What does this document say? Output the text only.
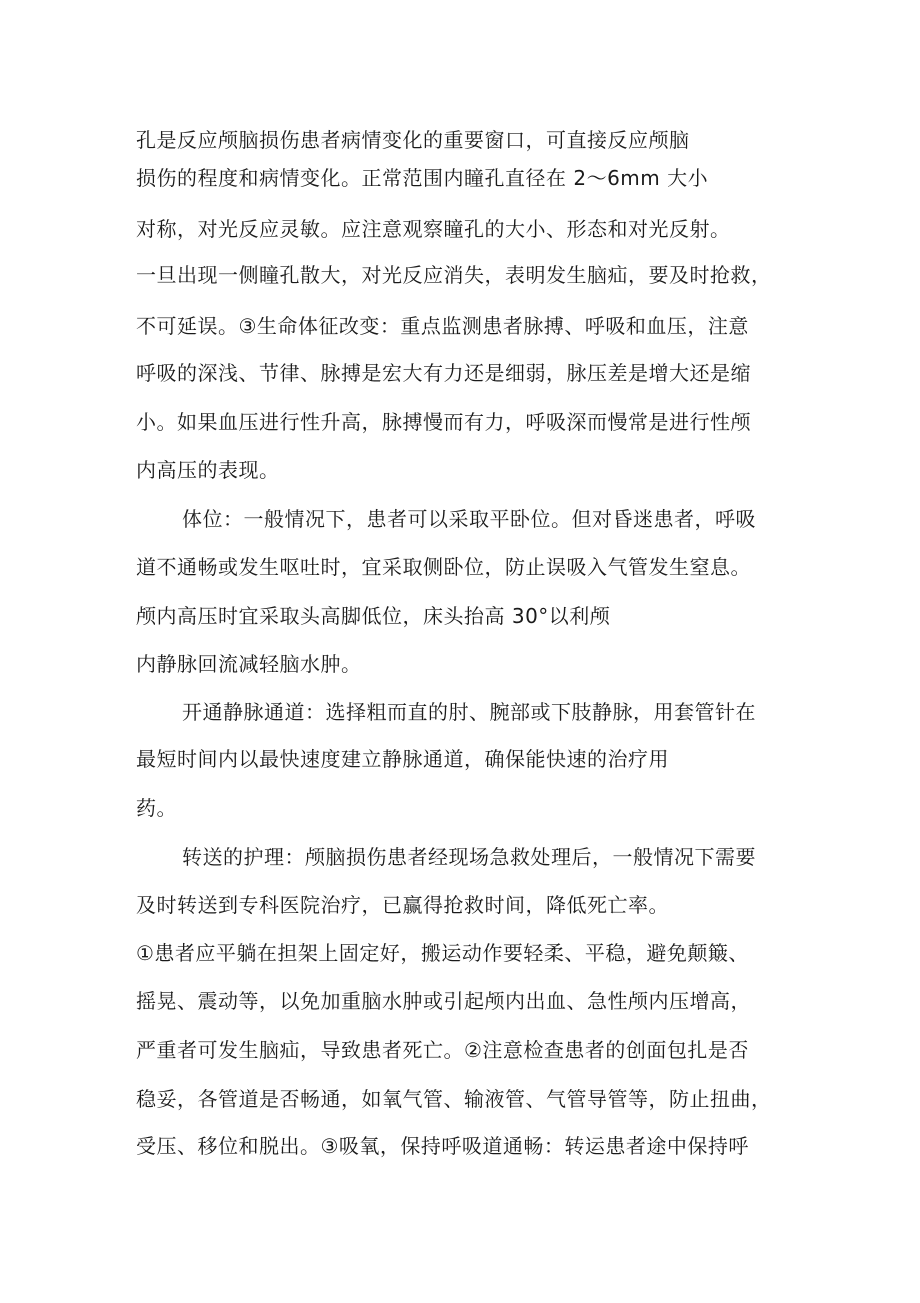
孔是反应颅脑损伤患者病情变化的重要窗口，可直接反应颅脑
损伤的程度和病情变化。正常范围内瞳孔直径在 2〜6mm 大小
对称，对光反应灵敏。应注意观察瞳孔的大小、形态和对光反射。
一旦出现一侧瞳孔散大，对光反应消失，表明发生脑疝，要及时抢救，
不可延误。③生命体征改变：重点监测患者脉搏、呼吸和血压，注意
呼吸的深浅、节律、脉搏是宏大有力还是细弱，脉压差是增大还是缩
小。如果血压进行性升高，脉搏慢而有力，呼吸深而慢常是进行性颅
内高压的表现。
体位：一般情况下，患者可以采取平卧位。但对昏迷患者，呼吸
道不通畅或发生呕吐时，宜采取侧卧位，防止误吸入气管发生窒息。
颅内高压时宜采取头高脚低位，床头抬高 30°以利颅
内静脉回流减轻脑水肿。
开通静脉通道：选择粗而直的肘、腕部或下肢静脉，用套管针在
最短时间内以最快速度建立静脉通道，确保能快速的治疗用
药。
转送的护理：颅脑损伤患者经现场急救处理后，一般情况下需要
及时转送到专科医院治疗，已赢得抢救时间，降低死亡率。
①患者应平躺在担架上固定好，搬运动作要轻柔、平稳，避免颠簸、
摇晃、震动等，以免加重脑水肿或引起颅内出血、急性颅内压增高，
严重者可发生脑疝，导致患者死亡。②注意检查患者的创面包扎是否
稳妥，各管道是否畅通，如氧气管、输液管、气管导管等，防止扭曲，
受压、移位和脱出。③吸氧，保持呼吸道通畅：转运患者途中保持呼
